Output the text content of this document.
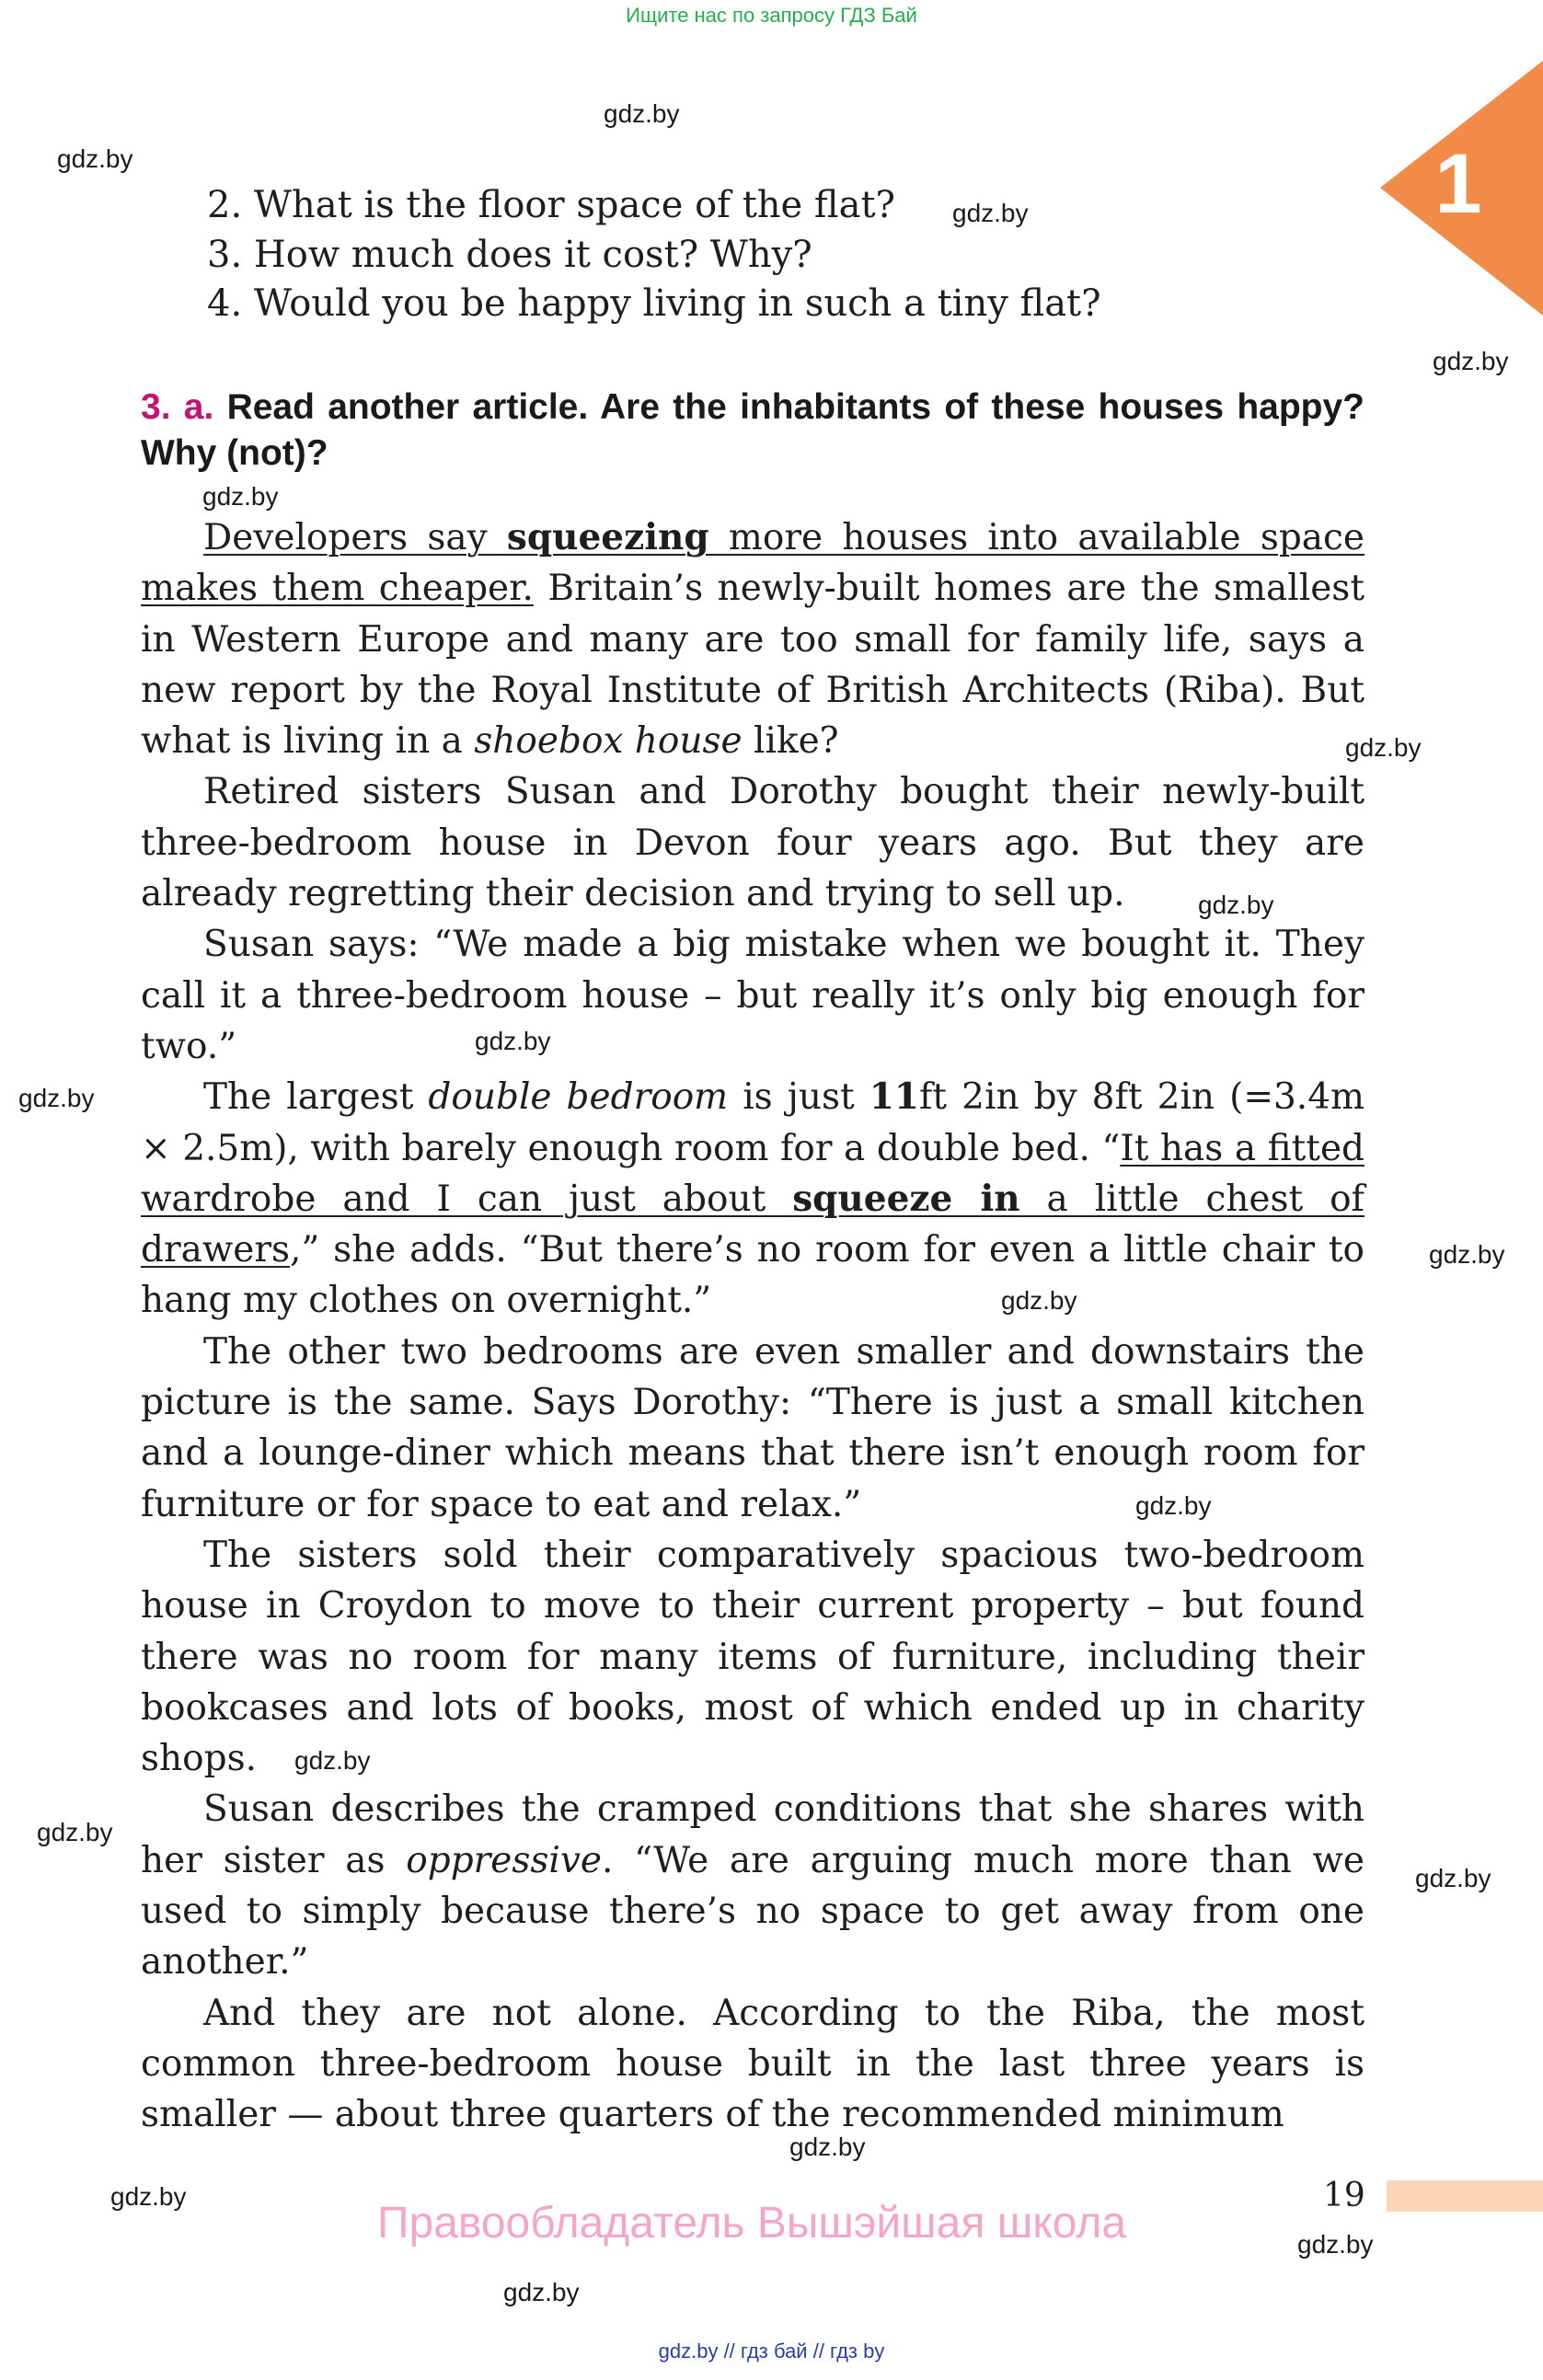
Ищите нас по запросу ГДЗ Бай
1
2. What is the floor space of the flat?
3. How much does it cost? Why?
4. Would you be happy living in such a tiny flat?
3. a. Read another article. Are the inhabitants of these houses happy? Why (not)?

Developers say squeezing more houses into available space makes them cheaper. Britain’s newly-built homes are the smallest in Western Europe and many are too small for family life, says a new report by the Royal Institute of British Architects (Riba). But what is living in a shoebox house like?

Retired sisters Susan and Dorothy bought their newly-built three-bedroom house in Devon four years ago. But they are already regretting their decision and trying to sell up.

Susan says: “We made a big mistake when we bought it. They call it a three-bedroom house – but really it’s only big enough for two.”

The largest double bedroom is just 11ft 2in by 8ft 2in (=3.4m × 2.5m), with barely enough room for a double bed. “It has a fitted wardrobe and I can just about squeeze in a little chest of drawers,” she adds. “But there’s no room for even a little chair to hang my clothes on overnight.”

The other two bedrooms are even smaller and downstairs the picture is the same. Says Dorothy: “There is just a small kitchen and a lounge-diner which means that there isn’t enough room for furniture or for space to eat and relax.”

The sisters sold their comparatively spacious two-bedroom house in Croydon to move to their current property – but found there was no room for many items of furniture, including their bookcases and lots of books, most of which ended up in charity shops.

Susan describes the cramped conditions that she shares with her sister as oppressive. “We are arguing much more than we used to simply because there’s no space to get away from one another.”

And they are not alone. According to the Riba, the most common three-bedroom house built in the last three years is smaller — about three quarters of the recommended minimum

gdz.by
gdz.by
gdz.by
gdz.by
gdz.by
gdz.by
gdz.by
gdz.by
gdz.by
gdz.by
gdz.by
gdz.by
gdz.by
gdz.by
gdz.by
gdz.by
gdz.by
gdz.by
gdz.by
19
Правообладатель Вышэйшая школа
gdz.by // гдз бай // гдз by
